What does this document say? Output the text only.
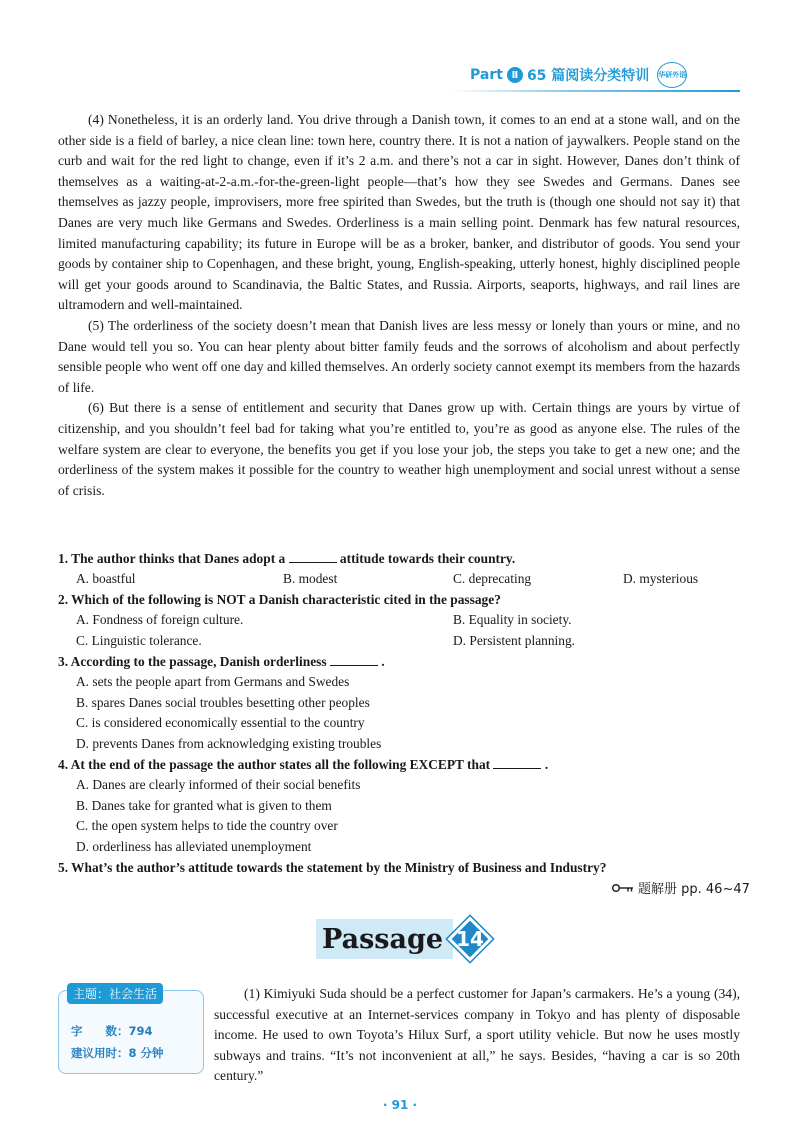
Part Ⅱ 65 篇阅读分类特训 华研外语

(4) Nonetheless, it is an orderly land. You drive through a Danish town, it comes to an end at a stone wall, and on the other side is a field of barley, a nice clean line: town here, country there. It is not a nation of jaywalkers. People stand on the curb and wait for the red light to change, even if it’s 2 a.m. and there’s not a car in sight. However, Danes don’t think of themselves as a waiting-at-2-a.m.-for-the-green-light people—that’s how they see Swedes and Germans. Danes see themselves as jazzy people, improvisers, more free spirited than Swedes, but the truth is (though one should not say it) that Danes are very much like Germans and Swedes. Orderliness is a main selling point. Denmark has few natural resources, limited manufacturing capability; its future in Europe will be as a broker, banker, and distributor of goods. You send your goods by container ship to Copenhagen, and these bright, young, English-speaking, utterly honest, highly disciplined people will get your goods around to Scandinavia, the Baltic States, and Russia. Airports, seaports, highways, and rail lines are ultramodern and well-maintained.

(5) The orderliness of the society doesn’t mean that Danish lives are less messy or lonely than yours or mine, and no Dane would tell you so. You can hear plenty about bitter family feuds and the sorrows of alcoholism and about perfectly sensible people who went off one day and killed themselves. An orderly society cannot exempt its members from the hazards of life.

(6) But there is a sense of entitlement and security that Danes grow up with. Certain things are yours by virtue of citizenship, and you shouldn’t feel bad for taking what you’re entitled to, you’re as good as anyone else. The rules of the welfare system are clear to everyone, the benefits you get if you lose your job, the steps you take to get a new one; and the orderliness of the system makes it possible for the country to weather high unemployment and social unrest without a sense of crisis.

1. The author thinks that Danes adopt a	attitude towards their country.
A. boastful	B. modest	C. deprecating	D. mysterious
2. Which of the following is NOT a Danish characteristic cited in the passage?
A. Fondness of foreign culture.	B. Equality in society.
C. Linguistic tolerance.	D. Persistent planning.
3. According to the passage, Danish orderliness	.
A. sets the people apart from Germans and Swedes
B. spares Danes social troubles besetting other peoples
C. is considered economically essential to the country
D. prevents Danes from acknowledging existing troubles
4. At the end of the passage the author states all the following EXCEPT that	.
A. Danes are clearly informed of their social benefits
B. Danes take for granted what is given to them
C. the open system helps to tide the country over
D. orderliness has alleviated unemployment
5. What’s the author’s attitude towards the statement by the Ministry of Business and Industry?
题解册 pp. 46~47
Passage 14
主题：社会生活
字　　数：794
建议用时：8 分钟

(1) Kimiyuki Suda should be a perfect customer for Japan’s carmakers. He’s a young (34), successful executive at an Internet-services company in Tokyo and has plenty of disposable income. He used to own Toyota’s Hilux Surf, a sport utility vehicle. But now he uses mostly subways and trains. “It’s not inconvenient at all,” he says. Besides, “having a car is so 20th century.”

· 91 ·
